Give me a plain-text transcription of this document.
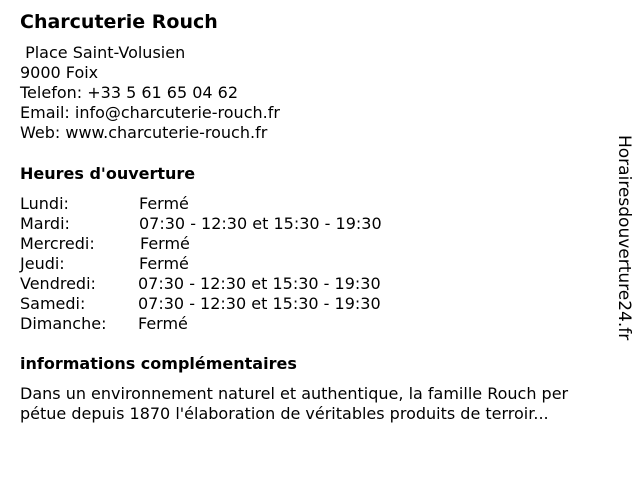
Charcuterie Rouch
Place Saint-Volusien
9000 Foix
Telefon: +33 5 61 65 04 62
Email: info@charcuterie-rouch.fr
Web: www.charcuterie-rouch.fr
Heures d'ouverture
Lundi:	Fermé
Mardi:	07:30 - 12:30 et 15:30 - 19:30
Mercredi:	Fermé
Jeudi:	Fermé
Vendredi:	07:30 - 12:30 et 15:30 - 19:30
Samedi:	07:30 - 12:30 et 15:30 - 19:30
Dimanche: Fermé
informations complémentaires
Dans un environnement naturel et authentique, la famille Rouch per
pétue depuis 1870 l'élaboration de véritables produits de terroir...
Horairesdouverture24.fr
